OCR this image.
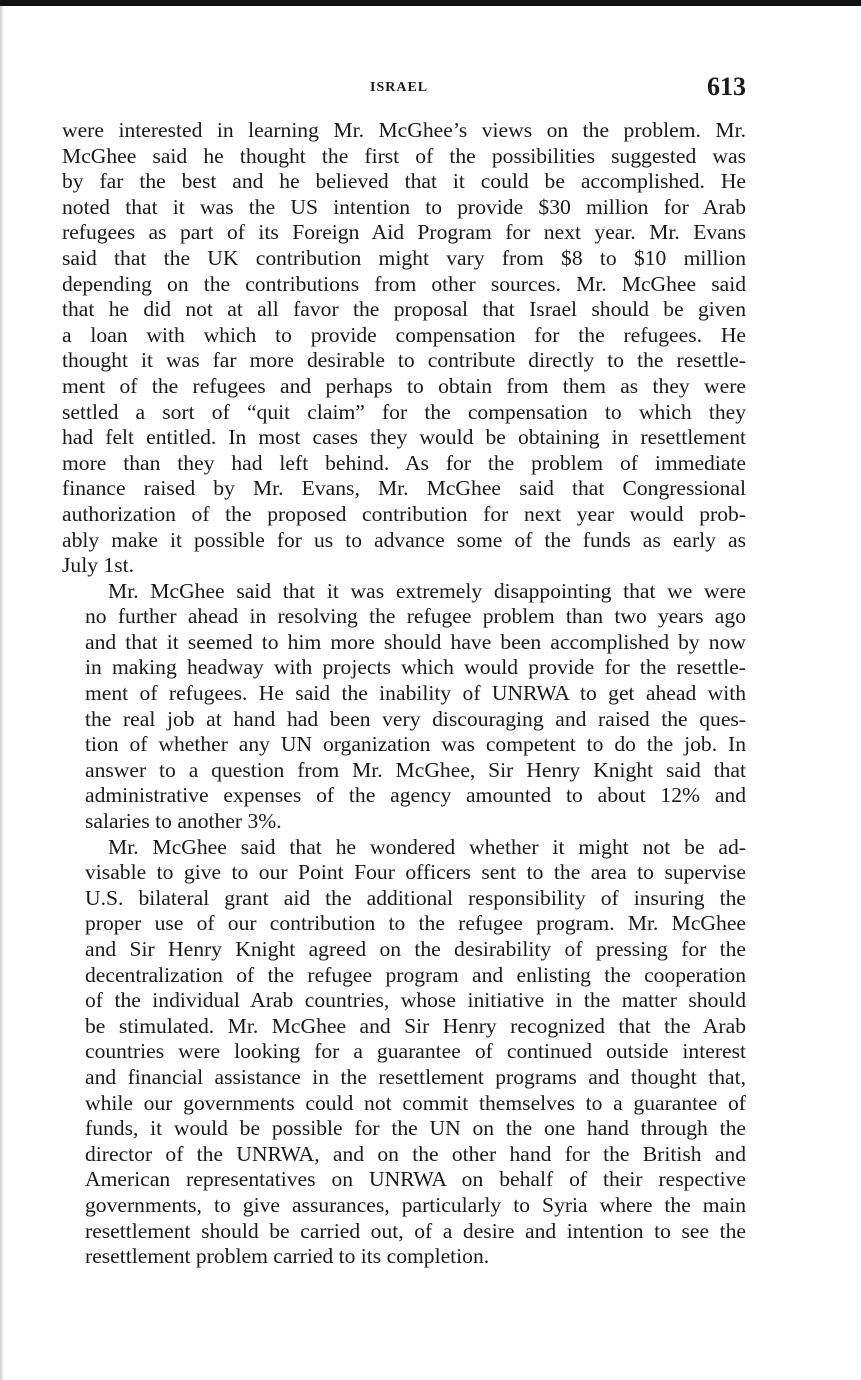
ISRAEL	613

were interested in learning Mr. McGhee’s views on the problem. Mr.
McGhee said he thought the first of the possibilities suggested was
by far the best and he believed that it could be accomplished. He
noted that it was the US intention to provide $30 million for Arab
refugees as part of its Foreign Aid Program for next year. Mr. Evans
said that the UK contribution might vary from $8 to $10 million
depending on the contributions from other sources. Mr. McGhee said
that he did not at all favor the proposal that Israel should be given
a loan with which to provide compensation for the refugees. He
thought it was far more desirable to contribute directly to the resettle-
ment of the refugees and perhaps to obtain from them as they were
settled a sort of “quit claim” for the compensation to which they
had felt entitled. In most cases they would be obtaining in resettlement
more than they had left behind. As for the problem of immediate
finance raised by Mr. Evans, Mr. McGhee said that Congressional
authorization of the proposed contribution for next year would prob-
ably make it possible for us to advance some of the funds as early as
July 1st.

Mr. McGhee said that it was extremely disappointing that we were
no further ahead in resolving the refugee problem than two years ago
and that it seemed to him more should have been accomplished by now
in making headway with projects which would provide for the resettle-
ment of refugees. He said the inability of UNRWA to get ahead with
the real job at hand had been very discouraging and raised the ques-
tion of whether any UN organization was competent to do the job. In
answer to a question from Mr. McGhee, Sir Henry Knight said that
administrative expenses of the agency amounted to about 12% and
salaries to another 3%.

Mr. McGhee said that he wondered whether it might not be ad-
visable to give to our Point Four officers sent to the area to supervise
U.S. bilateral grant aid the additional responsibility of insuring the
proper use of our contribution to the refugee program. Mr. McGhee
and Sir Henry Knight agreed on the desirability of pressing for the
decentralization of the refugee program and enlisting the cooperation
of the individual Arab countries, whose initiative in the matter should
be stimulated. Mr. McGhee and Sir Henry recognized that the Arab
countries were looking for a guarantee of continued outside interest
and financial assistance in the resettlement programs and thought that,
while our governments could not commit themselves to a guarantee of
funds, it would be possible for the UN on the one hand through the
director of the UNRWA, and on the other hand for the British and
American representatives on UNRWA on behalf of their respective
governments, to give assurances, particularly to Syria where the main
resettlement should be carried out, of a desire and intention to see the
resettlement problem carried to its completion.
